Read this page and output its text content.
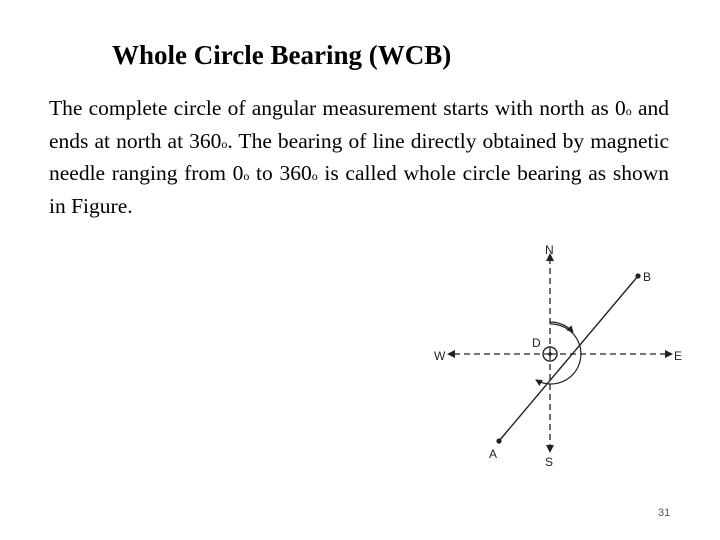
Whole Circle Bearing (WCB)

The complete circle of angular measurement starts with north as 0o and ends at north at 360o. The bearing of line directly obtained by magnetic needle ranging from 0o to 360o is called whole circle bearing as shown in Figure.

N
S
E
W
D
A
B
31
